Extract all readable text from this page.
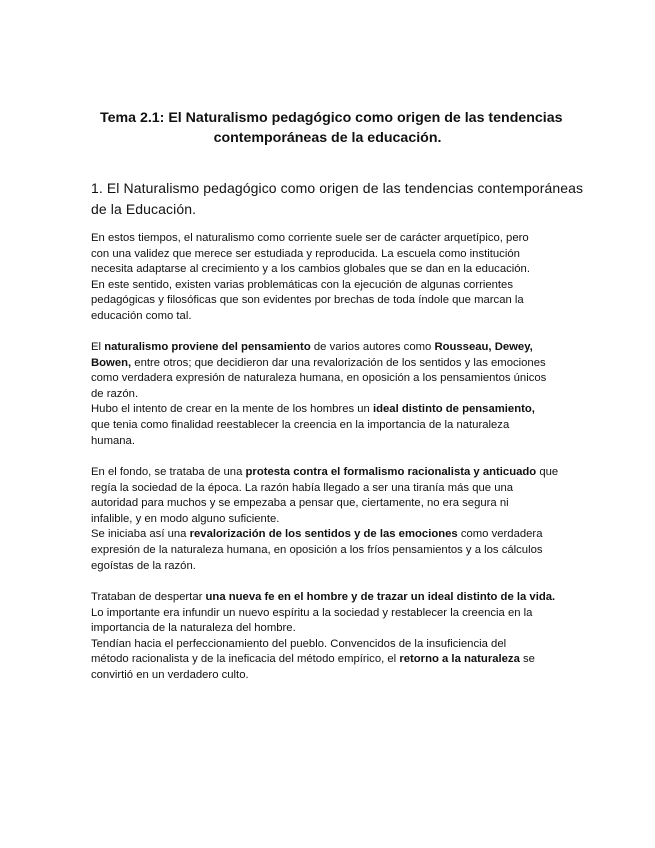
Tema 2.1: El Naturalismo pedagógico como origen de las tendencias
contemporáneas de la educación.
1. El Naturalismo pedagógico como origen de las tendencias contemporáneas
de la Educación.
En estos tiempos, el naturalismo como corriente suele ser de carácter arquetípico, pero
con una validez que merece ser estudiada y reproducida. La escuela como institución
necesita adaptarse al crecimiento y a los cambios globales que se dan en la educación.
En este sentido, existen varias problemáticas con la ejecución de algunas corrientes
pedagógicas y filosóficas que son evidentes por brechas de toda índole que marcan la
educación como tal.
El naturalismo proviene del pensamiento de varios autores como Rousseau, Dewey,
Bowen, entre otros; que decidieron dar una revalorización de los sentidos y las emociones
como verdadera expresión de naturaleza humana, en oposición a los pensamientos únicos
de razón.
Hubo el intento de crear en la mente de los hombres un ideal distinto de pensamiento,
que tenia como finalidad reestablecer la creencia en la importancia de la naturaleza
humana.
En el fondo, se trataba de una protesta contra el formalismo racionalista y anticuado que
regía la sociedad de la época. La razón había llegado a ser una tiranía más que una
autoridad para muchos y se empezaba a pensar que, ciertamente, no era segura ni
infalible, y en modo alguno suficiente.
Se iniciaba así una revalorización de los sentidos y de las emociones como verdadera
expresión de la naturaleza humana, en oposición a los fríos pensamientos y a los cálculos
egoístas de la razón.
Trataban de despertar una nueva fe en el hombre y de trazar un ideal distinto de la vida.
Lo importante era infundir un nuevo espíritu a la sociedad y restablecer la creencia en la
importancia de la naturaleza del hombre.
Tendían hacia el perfeccionamiento del pueblo. Convencidos de la insuficiencia del
método racionalista y de la ineficacia del método empírico, el retorno a la naturaleza se
convirtió en un verdadero culto.
